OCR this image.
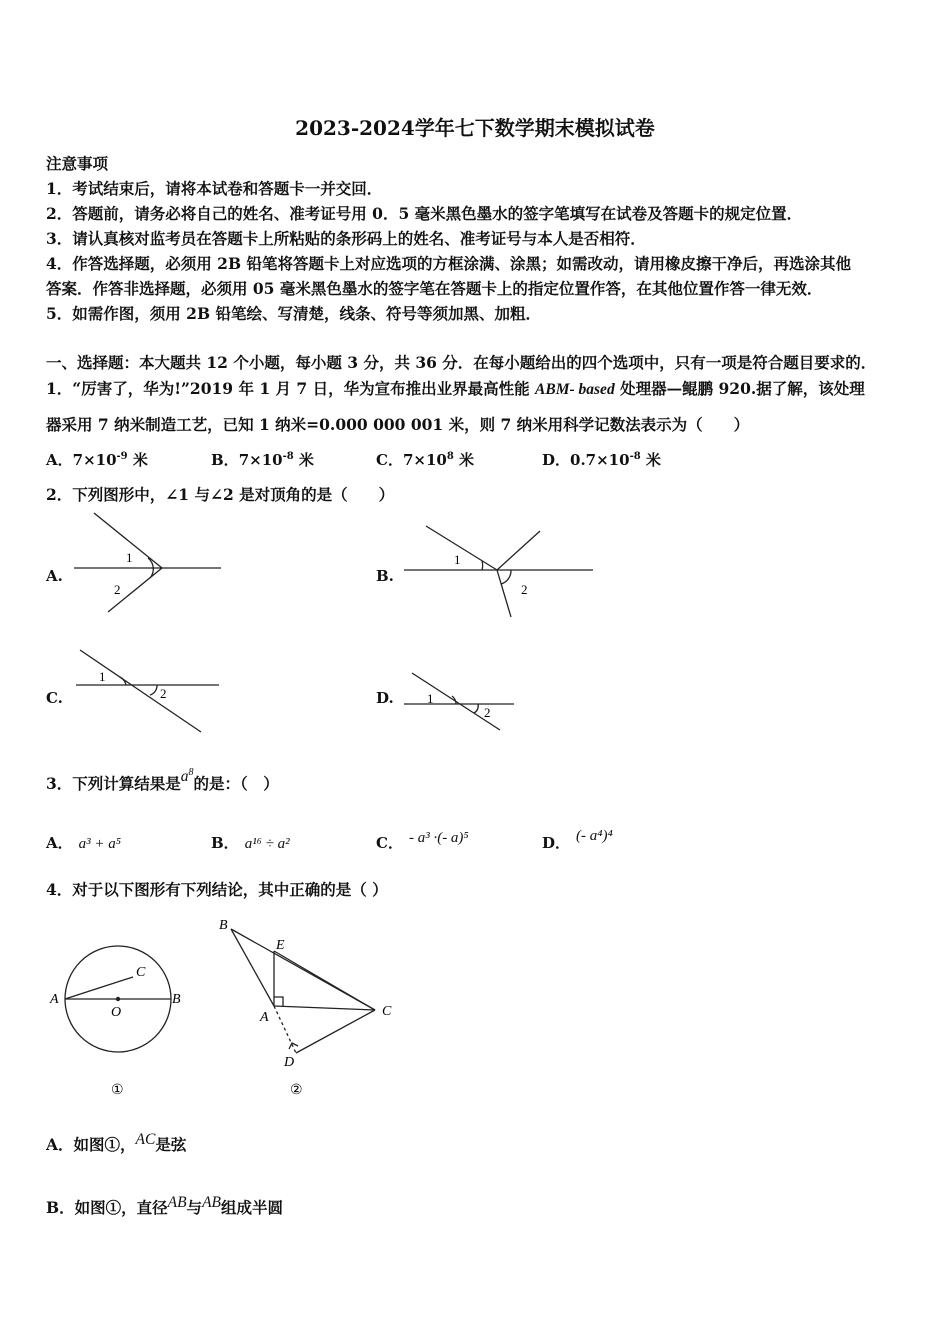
2023-2024学年七下数学期末模拟试卷
注意事项
1．考试结束后，请将本试卷和答题卡一并交回．
2．答题前，请务必将自己的姓名、准考证号用 0．5 毫米黑色墨水的签字笔填写在试卷及答题卡的规定位置．
3．请认真核对监考员在答题卡上所粘贴的条形码上的姓名、准考证号与本人是否相符．
4．作答选择题，必须用 2B 铅笔将答题卡上对应选项的方框涂满、涂黑；如需改动，请用橡皮擦干净后，再选涂其他
答案．作答非选择题，必须用 05 毫米黑色墨水的签字笔在答题卡上的指定位置作答，在其他位置作答一律无效．
5．如需作图，须用 2B 铅笔绘、写清楚，线条、符号等须加黑、加粗．
一、选择题：本大题共 12 个小题，每小题 3 分，共 36 分．在每小题给出的四个选项中，只有一项是符合题目要求的．
1．“厉害了，华为!”2019 年 1 月 7 日，华为宣布推出业界最高性能 ABM- based 处理器—鲲鹏 920.据了解，该处理
器采用 7 纳米制造工艺，已知 1 纳米=0.000 000 001 米，则 7 纳米用科学记数法表示为（　　）
A．$7\times 10^{-9}$ 米	B．$7\times 10^{-8}$ 米	C．$7\times 10^8$ 米	D．$0.7\times 10^{-8}$ 米
2．下列图形中，∠1 与∠2 是对顶角的是（　　）
A.
1
2
1
2
1
2	1
2
A	B
C
O
①
B
E
A	C
D
②
B.
C.	D.
3．下列计算结果是$a^8$的是：（　）
A． a³ + a⁵	B． a¹⁶ ÷ a²	C． - a³ ·(- a)⁵	D． (- a⁴)⁴
4．对于以下图形有下列结论，其中正确的是（ ）
A．如图①，AC是弦
B．如图①，直径AB与AB组成半圆
